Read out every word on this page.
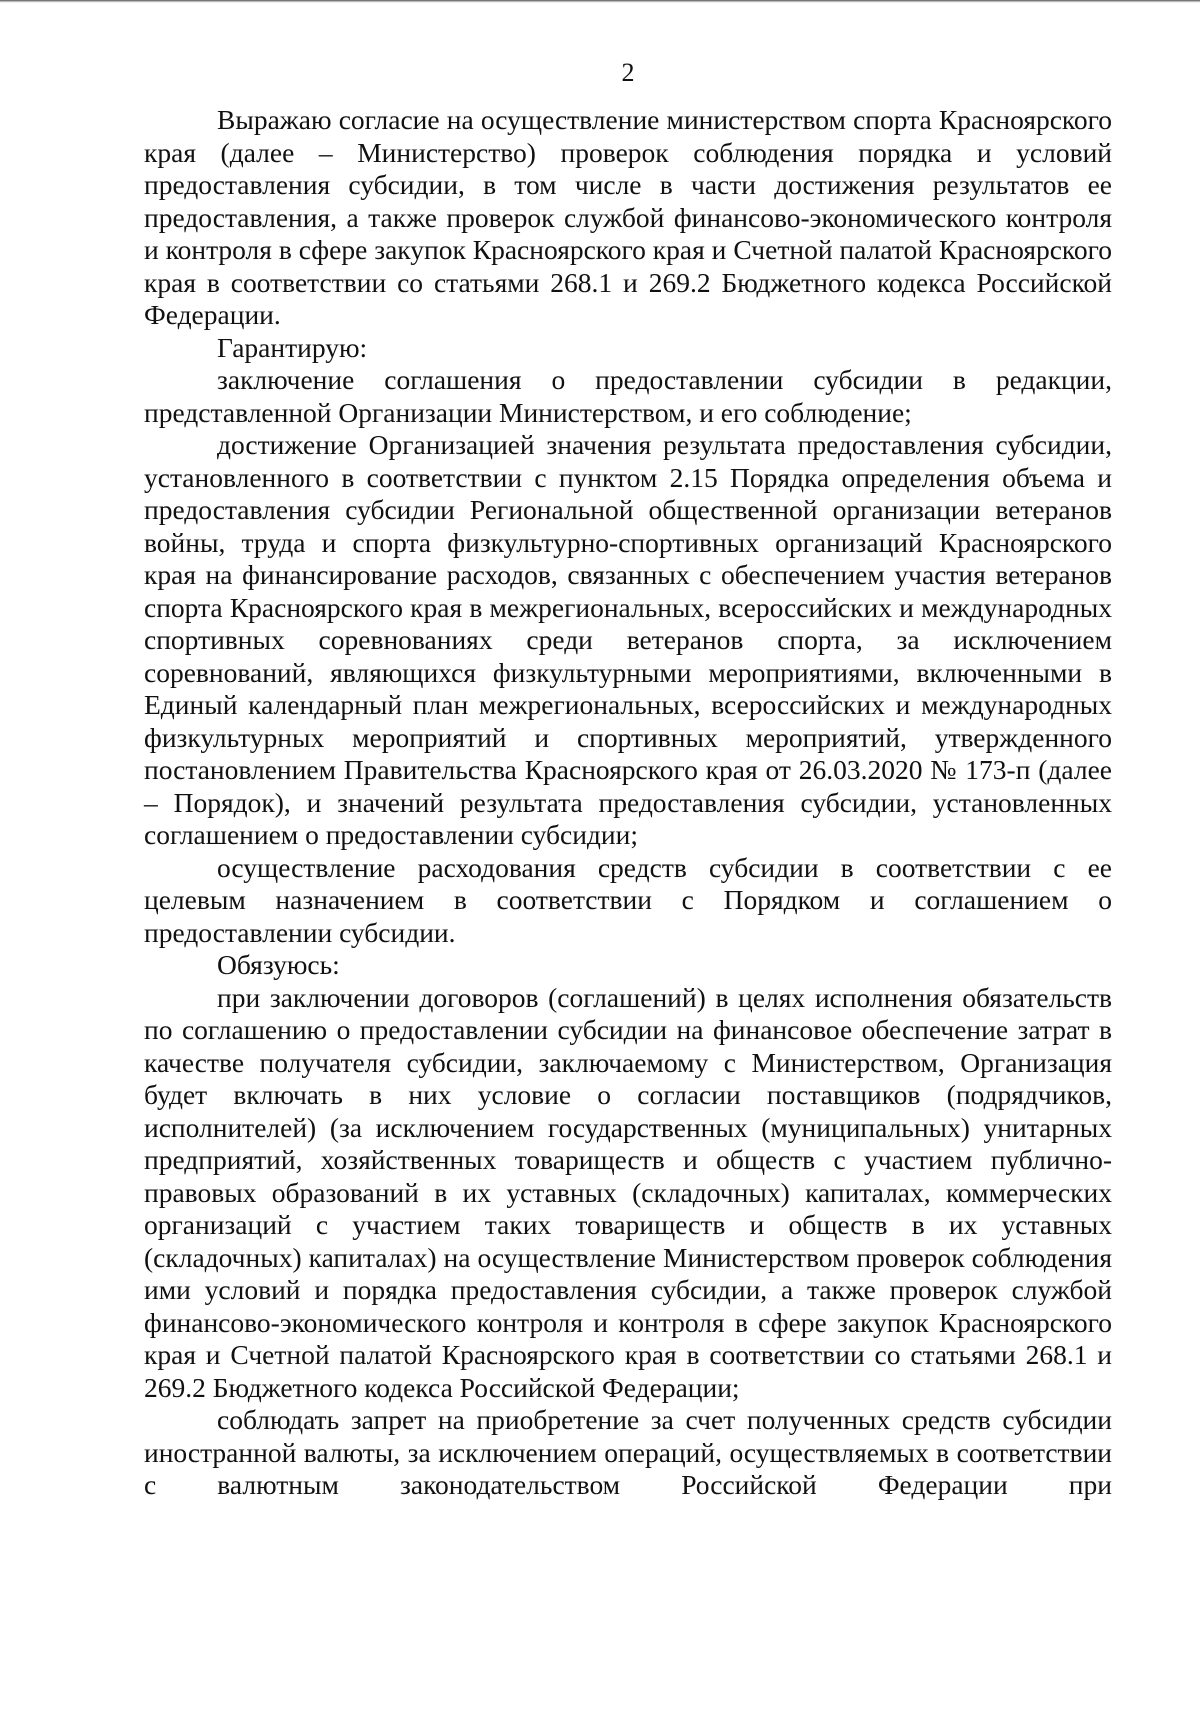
2

Выражаю согласие на осуществление министерством спорта Красноярского края (далее – Министерство) проверок соблюдения порядка и условий предоставления субсидии, в том числе в части достижения результатов ее предоставления, а также проверок службой финансово-экономического контроля и контроля в сфере закупок Красноярского края и Счетной палатой Красноярского края в соответствии со статьями 268.1 и 269.2 Бюджетного кодекса Российской Федерации.

Гарантирую:

заключение соглашения о предоставлении субсидии в редакции, представленной Организации Министерством, и его соблюдение;

достижение Организацией значения результата предоставления субсидии, установленного в соответствии с пунктом 2.15 Порядка определения объема и предоставления субсидии Региональной общественной организации ветеранов войны, труда и спорта физкультурно-спортивных организаций Красноярского края на финансирование расходов, связанных с обеспечением участия ветеранов спорта Красноярского края в межрегиональных, всероссийских и международных спортивных соревнованиях среди ветеранов спорта, за исключением соревнований, являющихся физкультурными мероприятиями, включенными в Единый календарный план межрегиональных, всероссийских и международных физкультурных мероприятий и спортивных мероприятий, утвержденного постановлением Правительства Красноярского края от 26.03.2020 № 173-п (далее – Порядок), и значений результата предоставления субсидии, установленных соглашением о предоставлении субсидии;

осуществление расходования средств субсидии в соответствии с ее целевым назначением в соответствии с Порядком и соглашением о предоставлении субсидии.

Обязуюсь:

при заключении договоров (соглашений) в целях исполнения обязательств по соглашению о предоставлении субсидии на финансовое обеспечение затрат в качестве получателя субсидии, заключаемому с Министерством, Организация будет включать в них условие о согласии поставщиков (подрядчиков, исполнителей) (за исключением государственных (муниципальных) унитарных предприятий, хозяйственных товариществ и обществ с участием публично-правовых образований в их уставных (складочных) капиталах, коммерческих организаций с участием таких товариществ и обществ в их уставных (складочных) капиталах) на осуществление Министерством проверок соблюдения ими условий и порядка предоставления субсидии, а также проверок службой финансово-экономического контроля и контроля в сфере закупок Красноярского края и Счетной палатой Красноярского края в соответствии со статьями 268.1 и 269.2 Бюджетного кодекса Российской Федерации;

соблюдать запрет на приобретение за счет полученных средств субсидии иностранной валюты, за исключением операций, осуществляемых в соответствии с валютным законодательством Российской Федерации при
